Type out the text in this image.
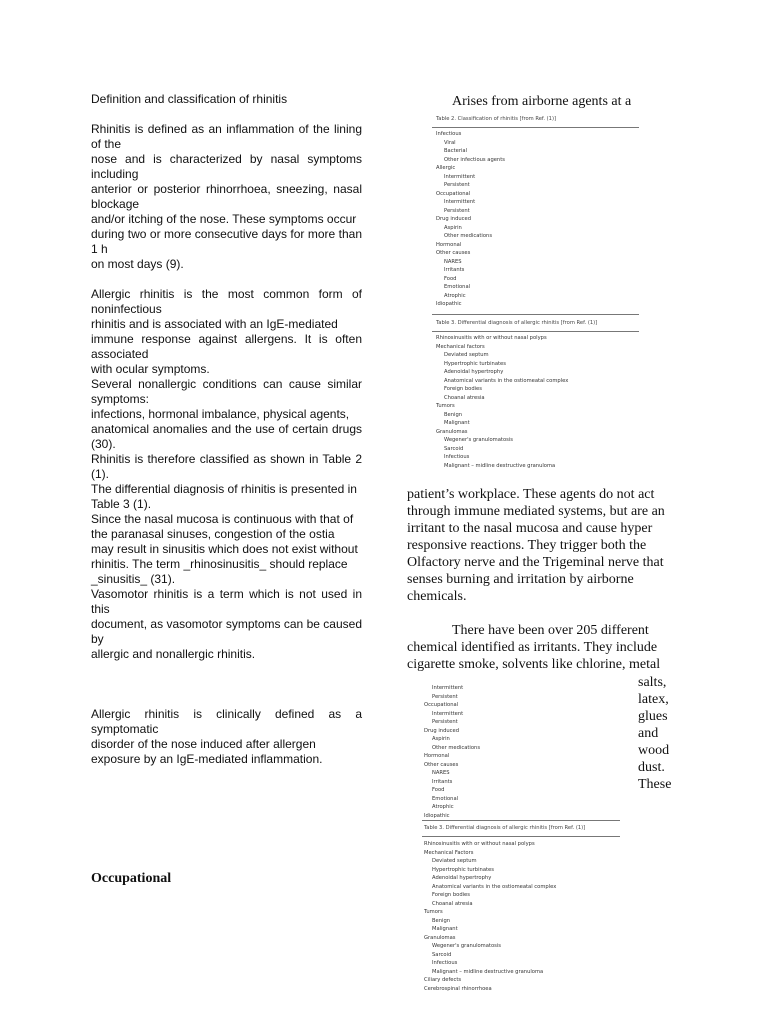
Definition and classification of rhinitis

Rhinitis is defined as an inflammation of the lining of the

nose and is characterized by nasal symptoms including

anterior or posterior rhinorrhoea, sneezing, nasal blockage

and/or itching of the nose. These symptoms occur

during two or more consecutive days for more than 1 h

on most days (9).

Allergic rhinitis is the most common form of noninfectious

rhinitis and is associated with an IgE-mediated

immune response against allergens. It is often associated

with ocular symptoms.

Several nonallergic conditions can cause similar symptoms:

infections, hormonal imbalance, physical agents,

anatomical anomalies and the use of certain drugs (30).

Rhinitis is therefore classified as shown in Table 2 (1).

The differential diagnosis of rhinitis is presented in

Table 3 (1).

Since the nasal mucosa is continuous with that of

the paranasal sinuses, congestion of the ostia

may result in sinusitis which does not exist without

rhinitis. The term _rhinosinusitis_ should replace

_sinusitis_ (31).

Vasomotor rhinitis is a term which is not used in this

document, as vasomotor symptoms can be caused by

allergic and nonallergic rhinitis.

Allergic rhinitis is clinically defined as a symptomatic

disorder of the nose induced after allergen

exposure by an IgE-mediated inflammation.

Occupational
Arises from airborne agents at a

patient’s workplace. These agents do not act through immune mediated systems, but are an irritant to the nasal mucosa and cause hyper responsive reactions. They trigger both the Olfactory nerve and the Trigeminal nerve that senses burning and irritation by airborne chemicals.

There have been over 205 different chemical identified as irritants. They include cigarette smoke, solvents like chlorine, metal

salts,
latex,
glues
and
wood
dust.
These
Table 2. Classification of rhinitis [from Ref. (1)]
Infectious
Viral
Bacterial
Other infectious agents
Allergic
Intermittent
Persistent
Occupational
Intermittent
Persistent
Drug induced
Aspirin
Other medications
Hormonal
Other causes
NARES
Irritants
Food
Emotional
Atrophic
Idiopathic
Table 3. Differential diagnosis of allergic rhinitis [from Ref. (1)]
Rhinosinusitis with or without nasal polyps
Mechanical factors
Deviated septum
Hypertrophic turbinates
Adenoidal hypertrophy
Anatomical variants in the ostiomeatal complex
Foreign bodies
Choanal atresia
Tumors
Benign
Malignant
Granulomas
Wegener's granulomatosis
Sarcoid
Infectious
Malignant – midline destructive granuloma
Intermittent
Persistent
Occupational
Intermittent
Persistent
Drug induced
Aspirin
Other medications
Hormonal
Other causes
NARES
Irritants
Food
Emotional
Atrophic
Idiopathic
Table 3. Differential diagnosis of allergic rhinitis [from Ref. (1)]
Rhinosinusitis with or without nasal polyps
Mechanical Factors
Deviated septum
Hypertrophic turbinates
Adenoidal hypertrophy
Anatomical variants in the ostiomeatal complex
Foreign bodies
Choanal atresia
Tumors
Benign
Malignant
Granulomas
Wegener's granulomatosis
Sarcoid
Infectious
Malignant – midline destructive granuloma
Ciliary defects
Cerebrospinal rhinorrhoea
